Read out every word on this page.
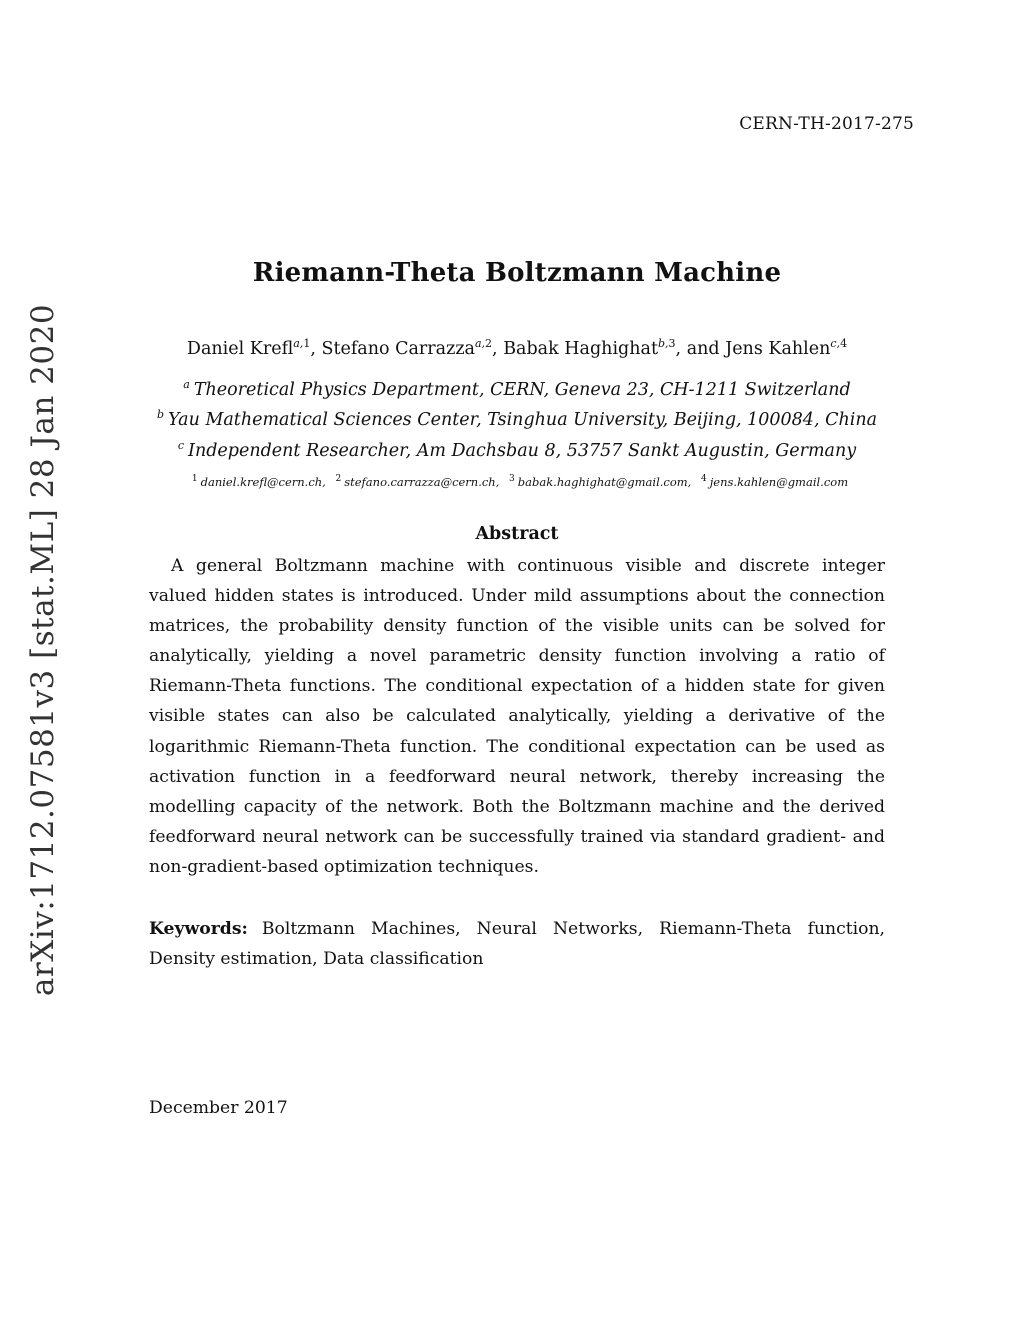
CERN-TH-2017-275
arXiv:1712.07581v3 [stat.ML] 28 Jan 2020
Riemann-Theta Boltzmann Machine
Daniel Krefl$^{a,1}$, Stefano Carrazza$^{a,2}$, Babak Haghighat$^{b,3}$, and Jens Kahlen$^{c,4}$
$^a$ Theoretical Physics Department, CERN, Geneva 23, CH-1211 Switzerland
$^b$ Yau Mathematical Sciences Center, Tsinghua University, Beijing, 100084, China
$^c$ Independent Researcher, Am Dachsbau 8, 53757 Sankt Augustin, Germany
$^1$ daniel.krefl@cern.ch, $^2$ stefano.carrazza@cern.ch, $^3$ babak.haghighat@gmail.com, $^4$ jens.kahlen@gmail.com
Abstract

A general Boltzmann machine with continuous visible and discrete integer valued hidden states is introduced. Under mild assumptions about the connection matrices, the probability density function of the visible units can be solved for analytically, yielding a novel parametric density function involving a ratio of Riemann-Theta functions. The conditional expectation of a hidden state for given visible states can also be calculated analytically, yielding a derivative of the logarithmic Riemann-Theta function. The conditional expectation can be used as activation function in a feedforward neural network, thereby increasing the modelling capacity of the network. Both the Boltzmann machine and the derived feedforward neural network can be successfully trained via standard gradient- and non-gradient-based optimization techniques.

Keywords: Boltzmann Machines, Neural Networks, Riemann-Theta function, Density estimation, Data classification

December 2017
